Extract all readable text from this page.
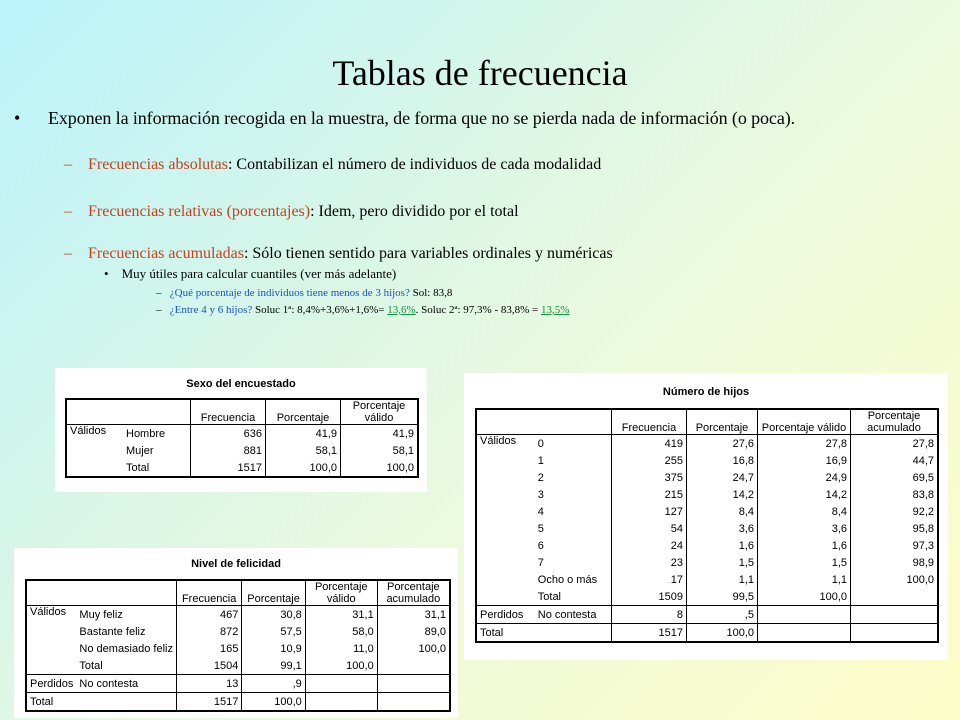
Tablas de frecuencia
• Exponen la información recogida en la muestra, de forma que no se pierda nada de información (o poca).
– Frecuencias absolutas: Contabilizan el número de individuos de cada modalidad
– Frecuencias relativas (porcentajes): Idem, pero dividido por el total
– Frecuencias acumuladas: Sólo tienen sentido para variables ordinales y numéricas
• Muy útiles para calcular cuantiles (ver más adelante)
– ¿Qué porcentaje de individuos tiene menos de 3 hijos? Sol: 83,8
– ¿Entre 4 y 6 hijos? Soluc 1ª: 8,4%+3,6%+1,6%= 13,6%. Soluc 2ª: 97,3% - 83,8% = 13,5%
Sexo del encuestado
		Frecuencia	Porcentaje	Porcentaje válido
Válidos	Hombre	636	41,9	41,9
	Mujer	881	58,1	58,1
	Total	1517	100,0	100,0
Número de hijos
		Frecuencia	Porcentaje	Porcentaje válido	Porcentaje acumulado
Válidos	0	419	27,6	27,8	27,8
	1	255	16,8	16,9	44,7
	2	375	24,7	24,9	69,5
	3	215	14,2	14,2	83,8
	4	127	8,4	8,4	92,2
	5	54	3,6	3,6	95,8
	6	24	1,6	1,6	97,3
	7	23	1,5	1,5	98,9
	Ocho o más	17	1,1	1,1	100,0
	Total	1509	99,5	100,0	
Perdidos	No contesta	8	,5		
Total		1517	100,0		
Nivel de felicidad
		Frecuencia	Porcentaje	Porcentaje válido	Porcentaje acumulado
Válidos	Muy feliz	467	30,8	31,1	31,1
	Bastante feliz	872	57,5	58,0	89,0
	No demasiado feliz	165	10,9	11,0	100,0
	Total	1504	99,1	100,0	
Perdidos	No contesta	13	,9		
Total		1517	100,0		
